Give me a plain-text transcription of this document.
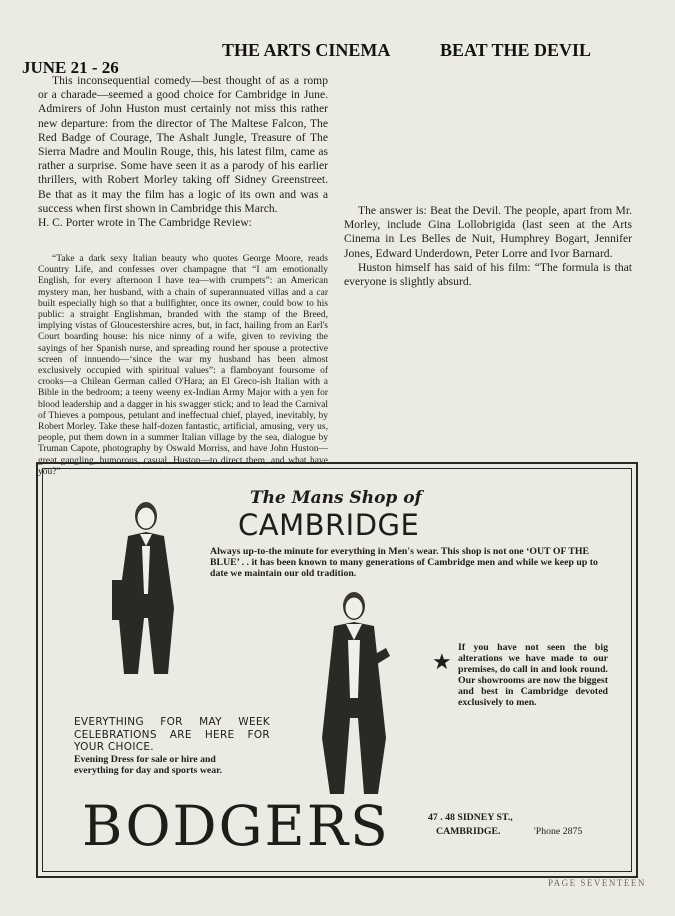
JUNE 21 - 26
THE ARTS CINEMA	BEAT THE DEVIL

This inconsequential comedy—best thought of as a romp or a charade—seemed a good choice for Cambridge in June. Admirers of John Huston must certainly not miss this rather new departure: from the director of The Maltese Falcon, The Red Badge of Courage, The Ashalt Jungle, Treasure of The Sierra Madre and Moulin Rouge, this, his latest film, came as rather a surprise. Some have seen it as a parody of his earlier thrillers, with Robert Morley taking off Sidney Greenstreet. Be that as it may the film has a logic of its own and was a success when first shown in Cambridge this March.

H. C. Porter wrote in The Cambridge Review:

The answer is: Beat the Devil. The people, apart from Mr. Morley, include Gina Lollobrigida (last seen at the Arts Cinema in Les Belles de Nuit, Humphrey Bogart, Jennifer Jones, Edward Underdown, Peter Lorre and Ivor Barnard.

Huston himself has said of his film: “The formula is that everyone is slightly absurd.

“Take a dark sexy Italian beauty who quotes George Moore, reads Country Life, and confesses over champagne that “I am emotionally English, for every afternoon I have tea—with crumpets”: an American mystery man, her husband, with a chain of superannuated villas and a car built especially high so that a bullfighter, once its owner, could bow to his public: a straight Englishman, branded with the stamp of the Breed, implying vistas of Gloucestershire acres, but, in fact, hailing from an Earl's Court boarding house: his nice ninny of a wife, given to reviving the sayings of her Spanish nurse, and spreading round her spouse a protective screen of innuendo—‘since the war my husband has been almost exclusively occupied with spiritual values”: a flamboyant foursome of crooks—a Chilean German called O'Hara; an El Greco-ish Italian with a Bible in the bedroom; a teeny weeny ex-Indian Army Major with a yen for blood leadership and a dagger in his swagger stick; and to lead the Carnival of Thieves a pompous, petulant and ineffectual chief, played, inevitably, by Robert Morley. Take these half-dozen fantastic, artificial, amusing, very us, people, put them down in a summer Italian village by the sea, dialogue by Truman Capote, photography by Oswald Morriss, and have John Huston—great gangling, humorous, casual, Huston—to direct them, and what have you?”

The Mans Shop of
CAMBRIDGE
Always up-to-the minute for everything in Men's wear. This shop is not one ‘OUT OF THE BLUE’ . . it has been known to many generations of Cambridge men and while we keep up to date we maintain our old tradition.
★
If you have not seen the big alterations we have made to our premises, do call in and look round. Our showrooms are now the biggest and best in Cambridge devoted exclusively to men.
EVERYTHING FOR MAY WEEK CELEBRATIONS ARE HERE FOR YOUR CHOICE.
Evening Dress for sale or hire and everything for day and sports wear.
BODGERS	47 . 48 SIDNEY ST.,
CAMBRIDGE.	'Phone 2875
PAGE SEVENTEEN
